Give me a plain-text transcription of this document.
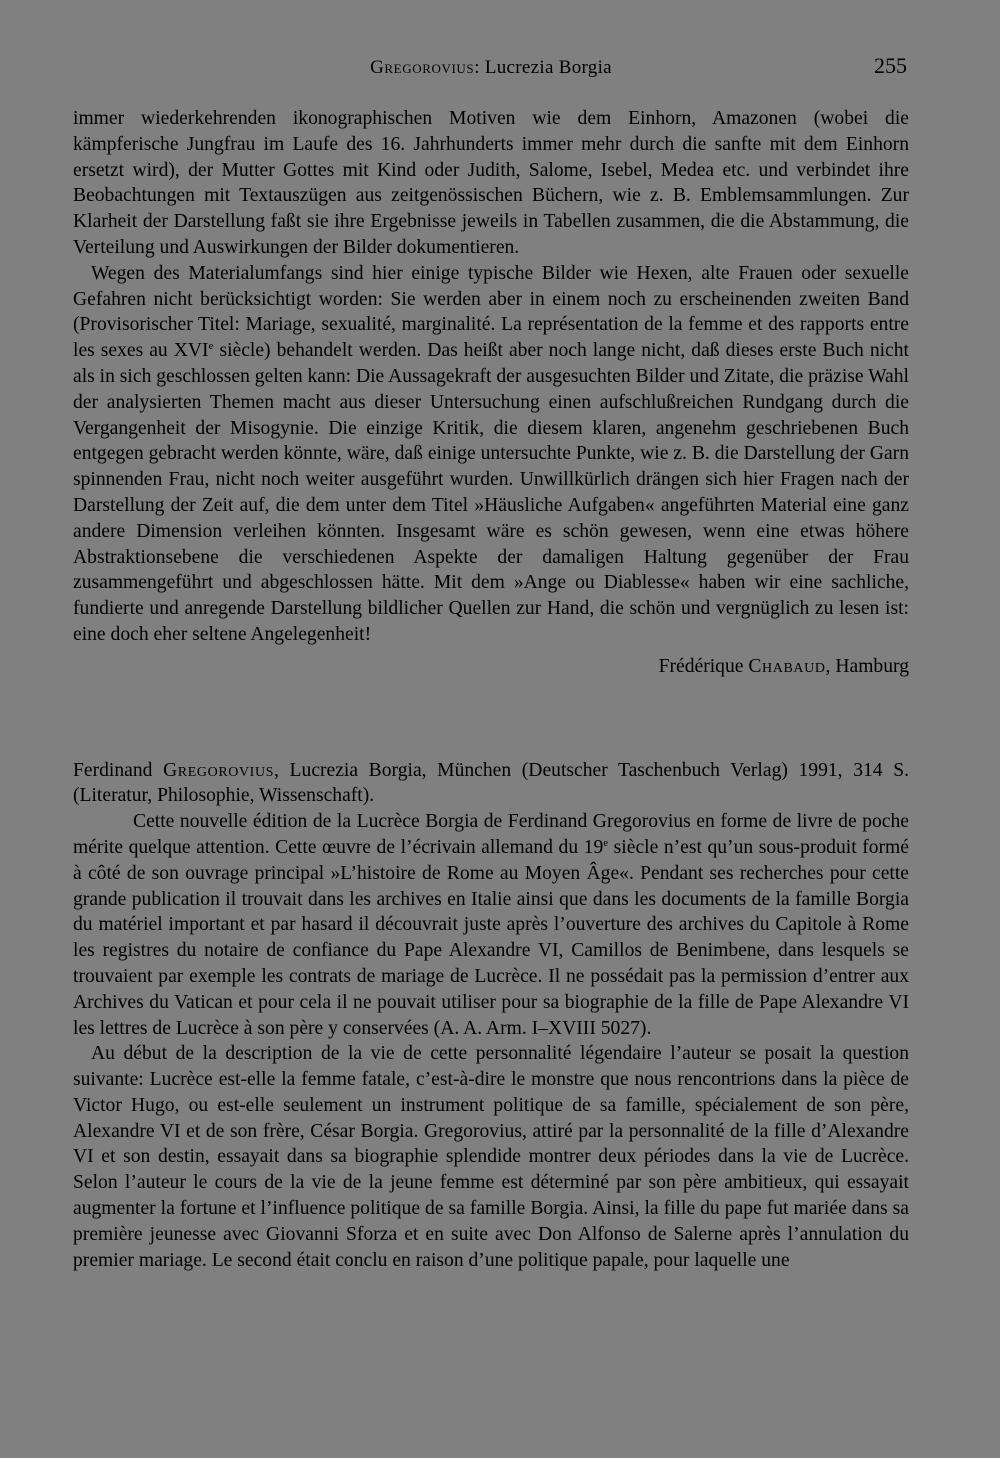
Gregorovius: Lucrezia Borgia	255

immer wiederkehrenden ikonographischen Motiven wie dem Einhorn, Amazonen (wobei die kämpferische Jungfrau im Laufe des 16. Jahrhunderts immer mehr durch die sanfte mit dem Einhorn ersetzt wird), der Mutter Gottes mit Kind oder Judith, Salome, Isebel, Medea etc. und verbindet ihre Beobachtungen mit Textauszügen aus zeitgenössischen Büchern, wie z. B. Emblemsammlungen. Zur Klarheit der Darstellung faßt sie ihre Ergebnisse jeweils in Tabellen zusammen, die die Abstammung, die Verteilung und Auswirkungen der Bilder dokumentieren.

Wegen des Materialumfangs sind hier einige typische Bilder wie Hexen, alte Frauen oder sexuelle Gefahren nicht berücksichtigt worden: Sie werden aber in einem noch zu erscheinenden zweiten Band (Provisorischer Titel: Mariage, sexualité, marginalité. La représentation de la femme et des rapports entre les sexes au XVIe siècle) behandelt werden. Das heißt aber noch lange nicht, daß dieses erste Buch nicht als in sich geschlossen gelten kann: Die Aussagekraft der ausgesuchten Bilder und Zitate, die präzise Wahl der analysierten Themen macht aus dieser Untersuchung einen aufschlußreichen Rundgang durch die Vergangenheit der Misogynie. Die einzige Kritik, die diesem klaren, angenehm geschriebenen Buch entgegen gebracht werden könnte, wäre, daß einige untersuchte Punkte, wie z. B. die Darstellung der Garn spinnenden Frau, nicht noch weiter ausgeführt wurden. Unwillkürlich drängen sich hier Fragen nach der Darstellung der Zeit auf, die dem unter dem Titel »Häusliche Aufgaben« angeführten Material eine ganz andere Dimension verleihen könnten. Insgesamt wäre es schön gewesen, wenn eine etwas höhere Abstraktionsebene die verschiedenen Aspekte der damaligen Haltung gegenüber der Frau zusammengeführt und abgeschlossen hätte. Mit dem »Ange ou Diablesse« haben wir eine sachliche, fundierte und anregende Darstellung bildlicher Quellen zur Hand, die schön und vergnüglich zu lesen ist: eine doch eher seltene Angelegenheit!

Frédérique Chabaud, Hamburg

Ferdinand Gregorovius, Lucrezia Borgia, München (Deutscher Taschenbuch Verlag) 1991, 314 S. (Literatur, Philosophie, Wissenschaft).

Cette nouvelle édition de la Lucrèce Borgia de Ferdinand Gregorovius en forme de livre de poche mérite quelque attention. Cette œuvre de l’écrivain allemand du 19e siècle n’est qu’un sous-produit formé à côté de son ouvrage principal »L’histoire de Rome au Moyen Âge«. Pendant ses recherches pour cette grande publication il trouvait dans les archives en Italie ainsi que dans les documents de la famille Borgia du matériel important et par hasard il découvrait juste après l’ouverture des archives du Capitole à Rome les registres du notaire de confiance du Pape Alexandre VI, Camillos de Benimbene, dans lesquels se trouvaient par exemple les contrats de mariage de Lucrèce. Il ne possédait pas la permission d’entrer aux Archives du Vatican et pour cela il ne pouvait utiliser pour sa biographie de la fille de Pape Alexandre VI les lettres de Lucrèce à son père y conservées (A. A. Arm. I–XVIII 5027).

Au début de la description de la vie de cette personnalité légendaire l’auteur se posait la question suivante: Lucrèce est-elle la femme fatale, c’est-à-dire le monstre que nous rencontrions dans la pièce de Victor Hugo, ou est-elle seulement un instrument politique de sa famille, spécialement de son père, Alexandre VI et de son frère, César Borgia. Gregorovius, attiré par la personnalité de la fille d’Alexandre VI et son destin, essayait dans sa biographie splendide montrer deux périodes dans la vie de Lucrèce. Selon l’auteur le cours de la vie de la jeune femme est déterminé par son père ambitieux, qui essayait augmenter la fortune et l’influence politique de sa famille Borgia. Ainsi, la fille du pape fut mariée dans sa première jeunesse avec Giovanni Sforza et en suite avec Don Alfonso de Salerne après l’annulation du premier mariage. Le second était conclu en raison d’une politique papale, pour laquelle une
